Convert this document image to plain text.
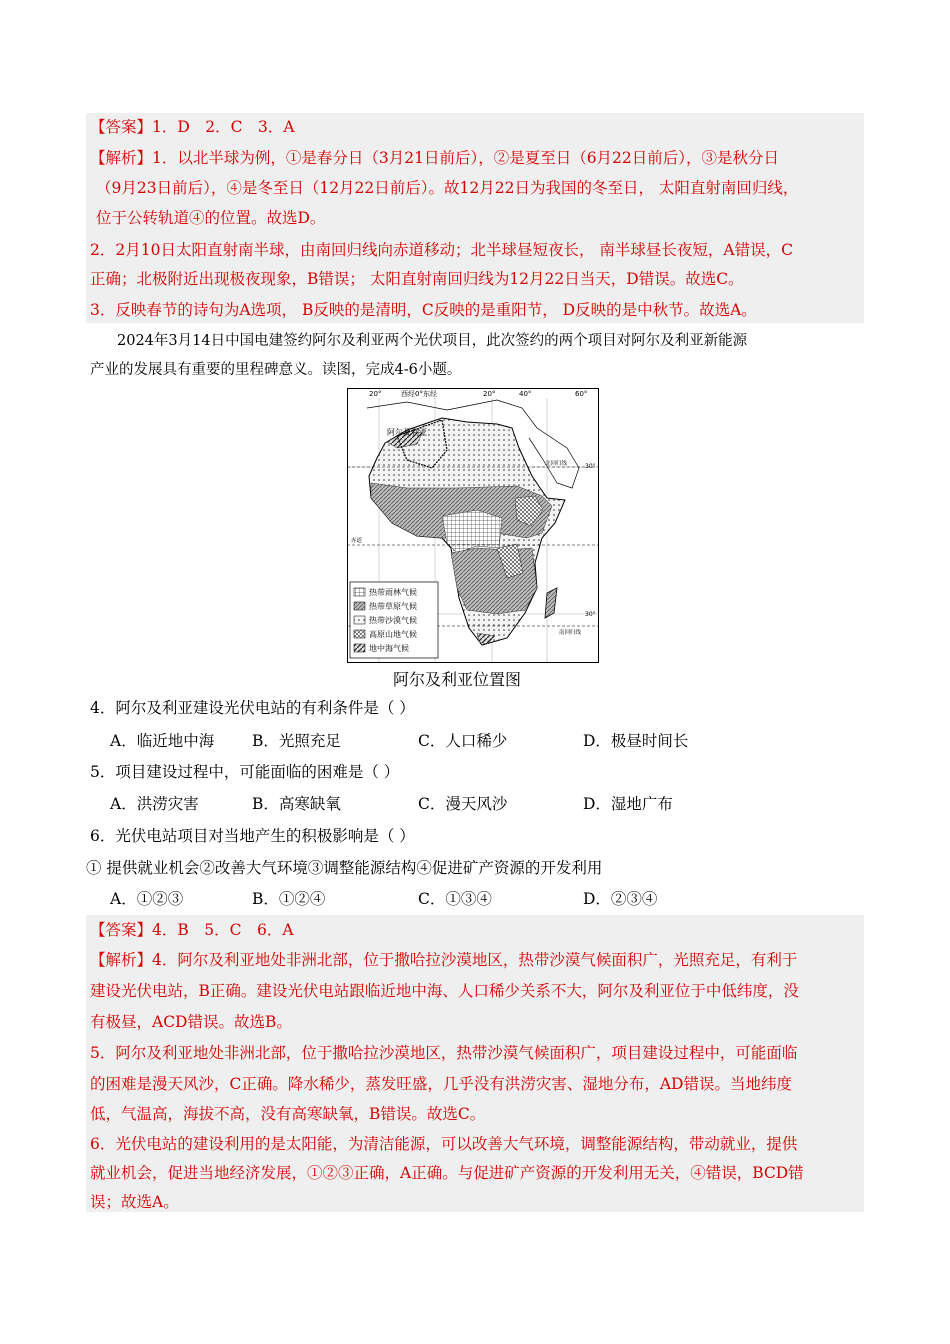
【答案】1．D　2．C　3．A
【解析】1．以北半球为例，①是春分日（3月21日前后），②是夏至日（6月22日前后），③是秋分日
（9月23日前后），④是冬至日（12月22日前后）。故12月22日为我国的冬至日， 太阳直射南回归线，
位于公转轨道④的位置。故选D。
2．2月10日太阳直射南半球，由南回归线向赤道移动；北半球昼短夜长， 南半球昼长夜短，A错误，C
正确；北极附近出现极夜现象，B错误； 太阳直射南回归线为12月22日当天，D错误。故选C。
3．反映春节的诗句为A选项， B反映的是清明，C反映的是重阳节， D反映的是中秋节。故选A。
2024年3月14日中国电建签约阿尔及利亚两个光伏项目，此次签约的两个项目对阿尔及利亚新能源
产业的发展具有重要的里程碑意义。读图，完成4-6小题。
20°	西经0°东经	20°	40°	60°
阿尔及利亚
北回归线
赤道
南回归线
30°
30°
热带雨林气候
热带草原气候
热带沙漠气候
高原山地气候
地中海气候
阿尔及利亚位置图
4．阿尔及利亚建设光伏电站的有利条件是（ ）
A．临近地中海 B．光照充足	C．人口稀少	D．极昼时间长
5．项目建设过程中，可能面临的困难是（ ）
A．洪涝灾害	B．高寒缺氧	C．漫天风沙	D．湿地广布
6．光伏电站项目对当地产生的积极影响是（ ）
① 提供就业机会②改善大气环境③调整能源结构④促进矿产资源的开发利用
A．①②③	B．①②④	C．①③④	D．②③④
【答案】4．B　5．C　6．A
【解析】4．阿尔及利亚地处非洲北部，位于撒哈拉沙漠地区，热带沙漠气候面积广，光照充足，有利于
建设光伏电站，B正确。建设光伏电站跟临近地中海、人口稀少关系不大，阿尔及利亚位于中低纬度，没
有极昼，ACD错误。故选B。
5．阿尔及利亚地处非洲北部，位于撒哈拉沙漠地区，热带沙漠气候面积广，项目建设过程中，可能面临
的困难是漫天风沙，C正确。降水稀少，蒸发旺盛，几乎没有洪涝灾害、湿地分布，AD错误。当地纬度
低，气温高，海拔不高，没有高寒缺氧，B错误。故选C。
6．光伏电站的建设利用的是太阳能，为清洁能源，可以改善大气环境，调整能源结构，带动就业，提供
就业机会，促进当地经济发展，①②③正确，A正确。与促进矿产资源的开发利用无关，④错误，BCD错
误；故选A。
